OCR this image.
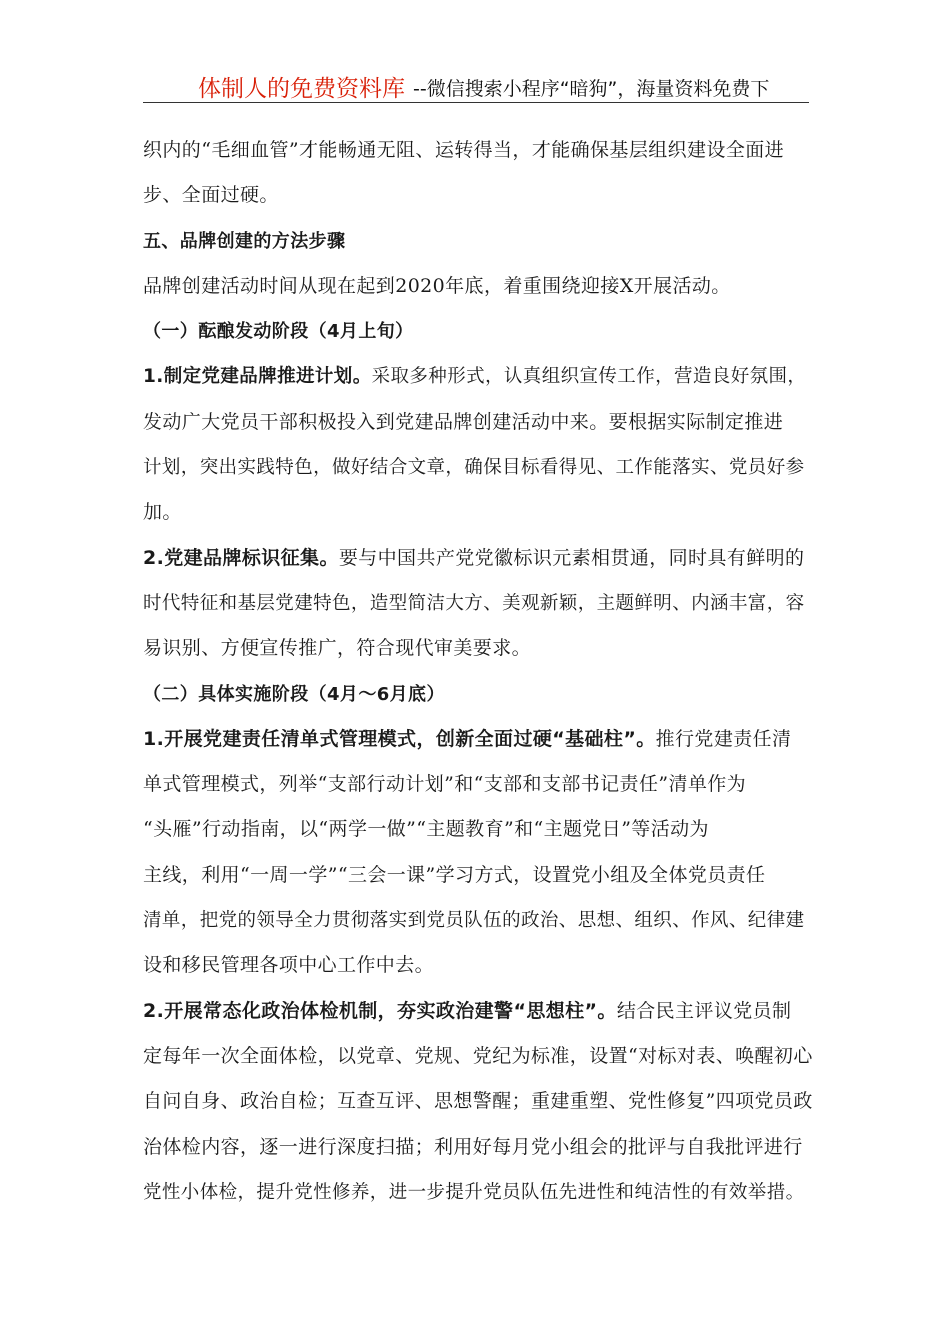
体制人的免费资料库 --微信搜索小程序“暗狗”，海量资料免费下
织内的“毛细血管”才能畅通无阻、运转得当，才能确保基层组织建设全面进
步、全面过硬。
五、品牌创建的方法步骤
品牌创建活动时间从现在起到2020年底，着重围绕迎接X开展活动。
（一）酝酿发动阶段（4月上旬）
1.制定党建品牌推进计划。采取多种形式，认真组织宣传工作，营造良好氛围，
发动广大党员干部积极投入到党建品牌创建活动中来。要根据实际制定推进
计划，突出实践特色，做好结合文章，确保目标看得见、工作能落实、党员好参
加。
2.党建品牌标识征集。要与中国共产党党徽标识元素相贯通，同时具有鲜明的
时代特征和基层党建特色，造型简洁大方、美观新颖，主题鲜明、内涵丰富，容
易识别、方便宣传推广，符合现代审美要求。
（二）具体实施阶段（4月～6月底）
1.开展党建责任清单式管理模式，创新全面过硬“基础柱”。推行党建责任清
单式管理模式，列举“支部行动计划”和“支部和支部书记责任”清单作为
“头雁”行动指南，以“两学一做”“主题教育”和“主题党日”等活动为
主线，利用“一周一学”“三会一课”学习方式，设置党小组及全体党员责任
清单，把党的领导全力贯彻落实到党员队伍的政治、思想、组织、作风、纪律建
设和移民管理各项中心工作中去。
2.开展常态化政治体检机制，夯实政治建警“思想柱”。结合民主评议党员制
定每年一次全面体检，以党章、党规、党纪为标准，设置“对标对表、唤醒初心
自问自身、政治自检；互查互评、思想警醒；重建重塑、党性修复”四项党员政
治体检内容，逐一进行深度扫描；利用好每月党小组会的批评与自我批评进行
党性小体检，提升党性修养，进一步提升党员队伍先进性和纯洁性的有效举措。
